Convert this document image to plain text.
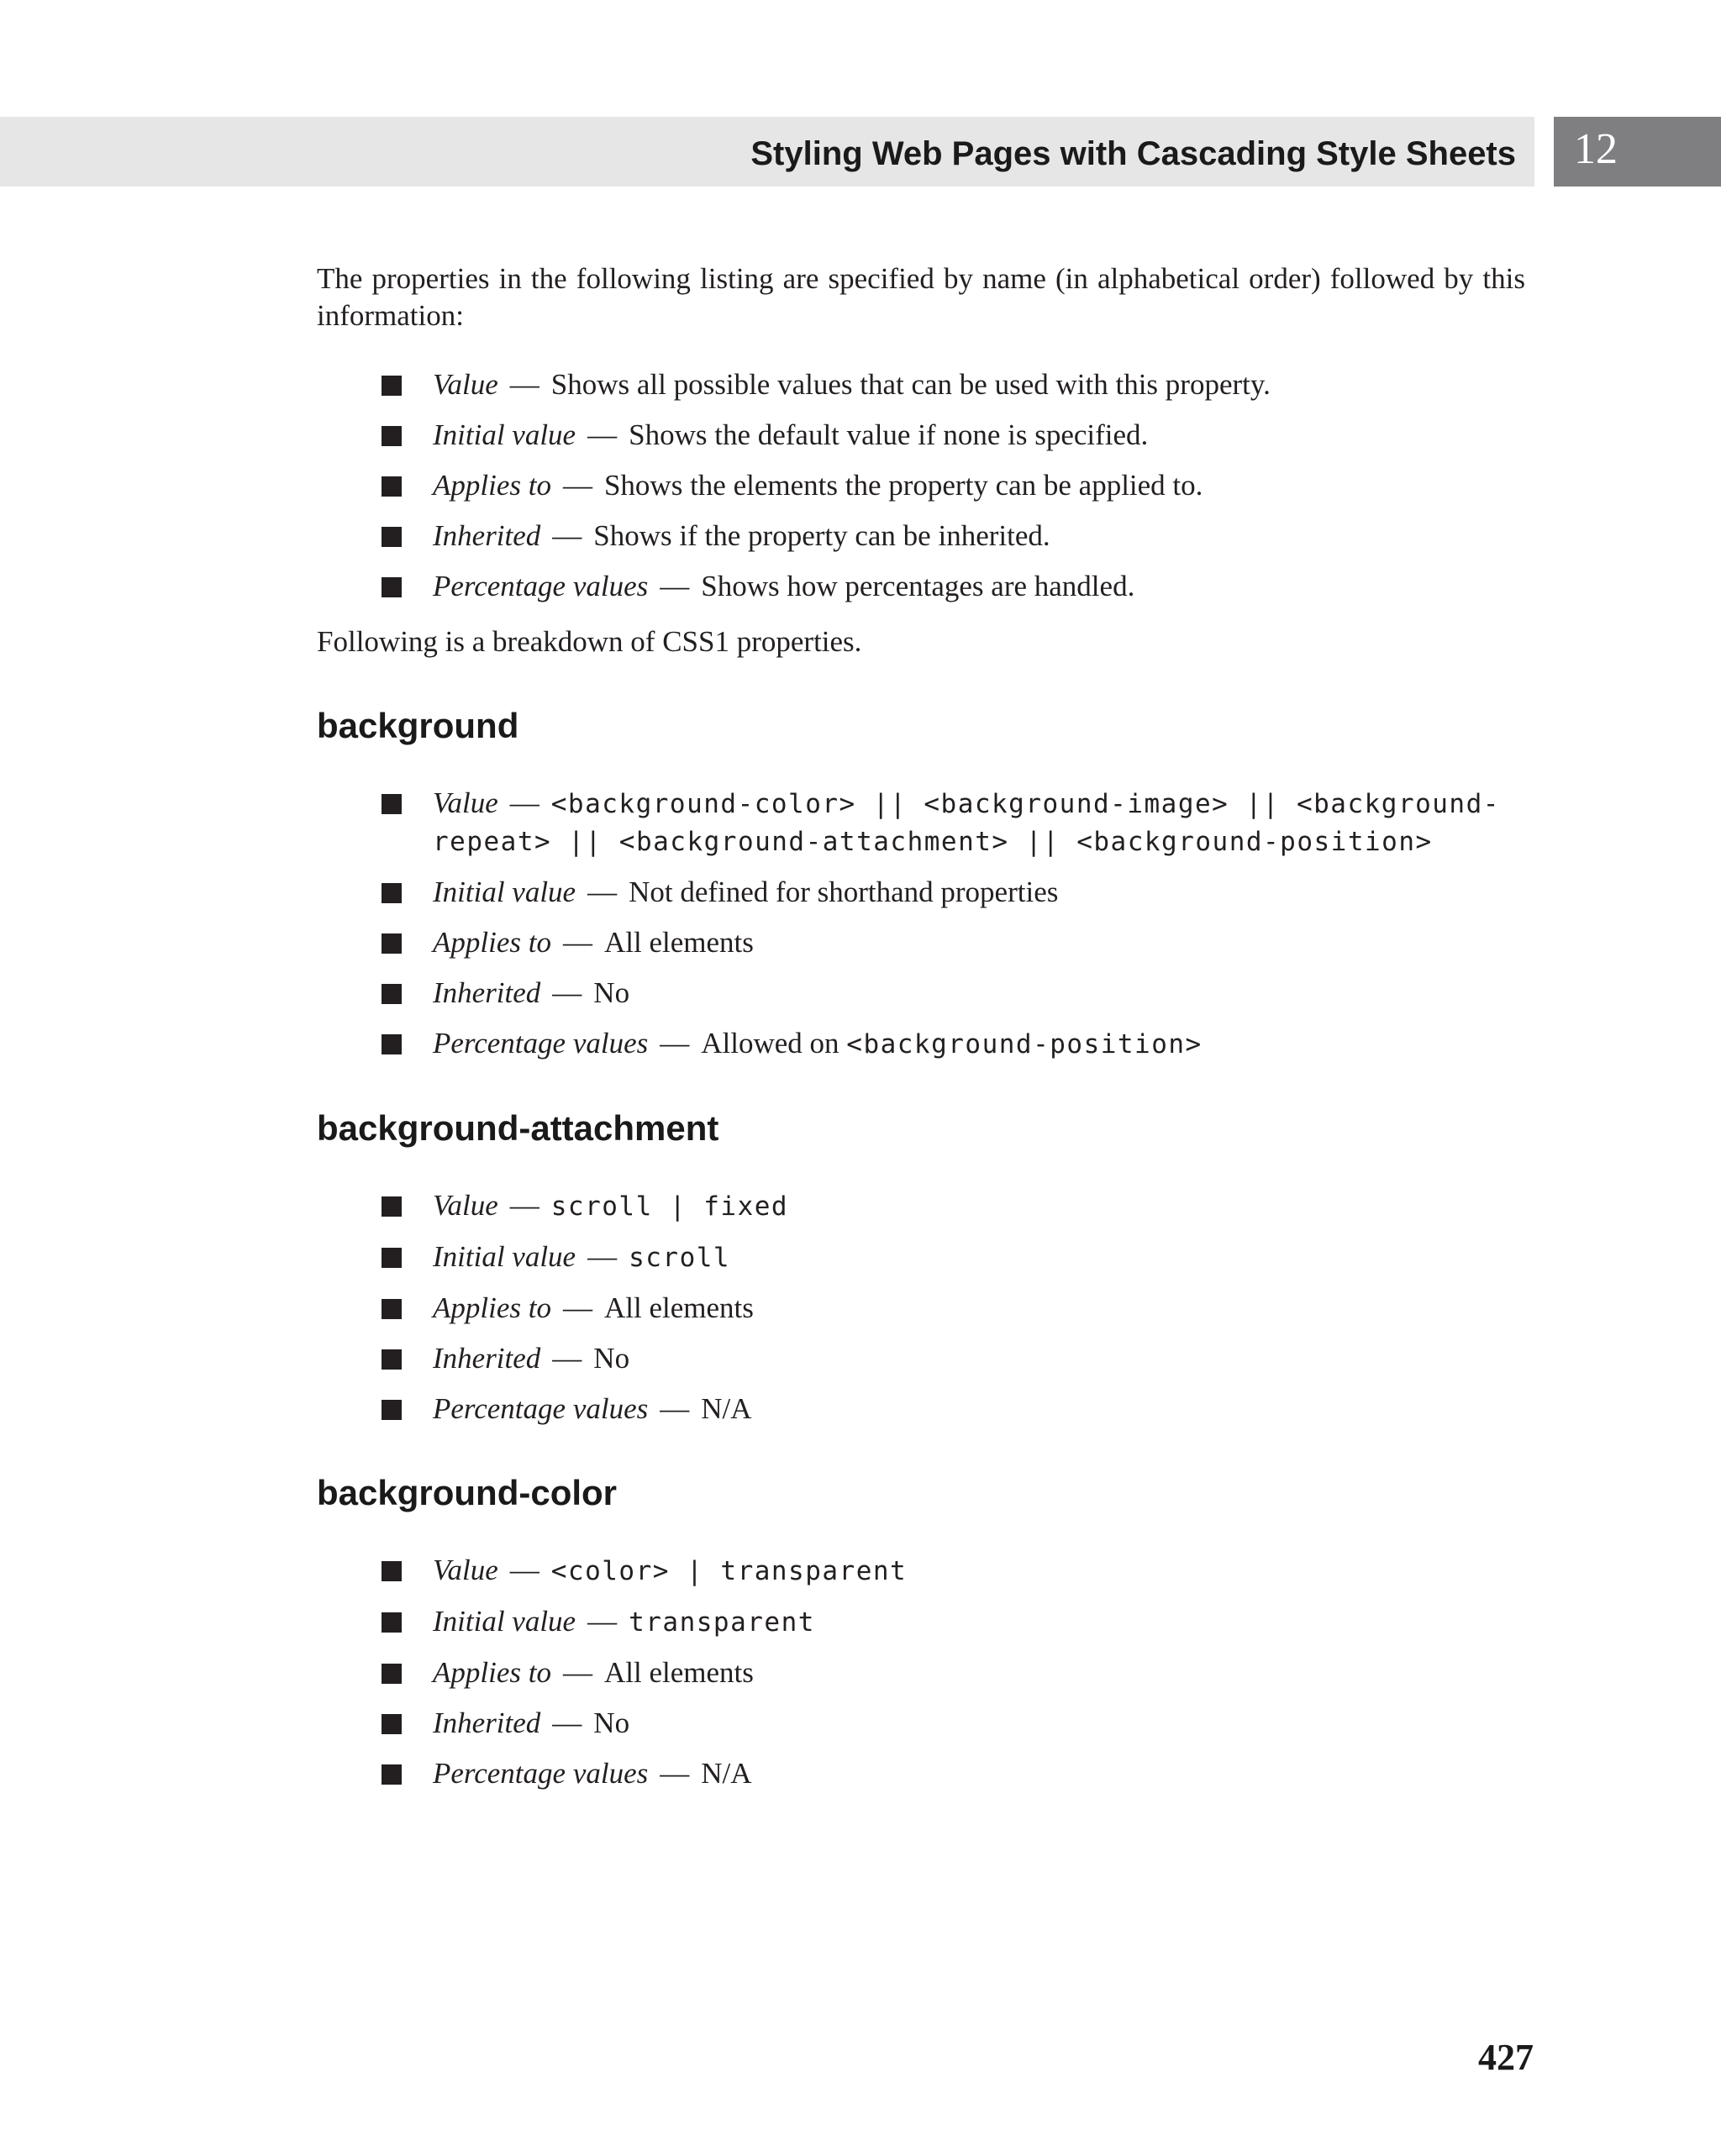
Styling Web Pages with Cascading Style Sheets 12

The properties in the following listing are specified by name (in alphabetical order) followed by this information:

Value — Shows all possible values that can be used with this property.
Initial value — Shows the default value if none is specified.
Applies to — Shows the elements the property can be applied to.
Inherited — Shows if the property can be inherited.
Percentage values — Shows how percentages are handled.

Following is a breakdown of CSS1 properties.

background
Value — <background-color> || <background-image> || <background-repeat> || <background-attachment> || <background-position>
Initial value — Not defined for shorthand properties
Applies to — All elements
Inherited — No
Percentage values — Allowed on <background-position>
background-attachment
Value — scroll | fixed
Initial value — scroll
Applies to — All elements
Inherited — No
Percentage values — N/A
background-color
Value — <color> | transparent
Initial value — transparent
Applies to — All elements
Inherited — No
Percentage values — N/A
427
